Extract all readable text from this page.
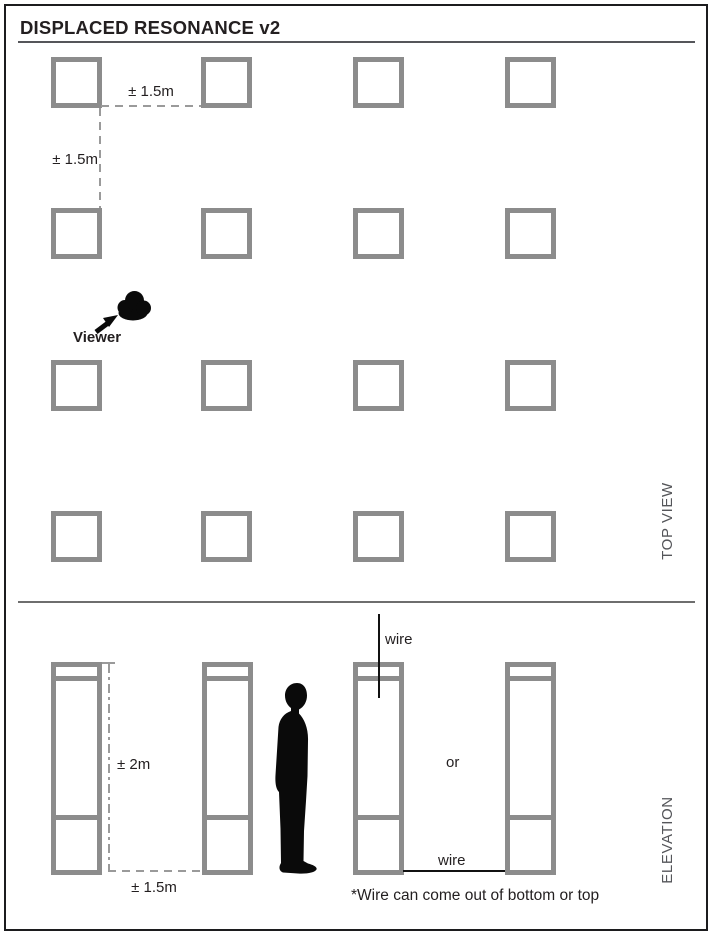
DISPLACED RESONANCE v2
± 1.5m
± 1.5m
Viewer
TOP VIEW
± 2m
± 1.5m
wire
or
wire
*Wire can come out of bottom or top
ELEVATION
